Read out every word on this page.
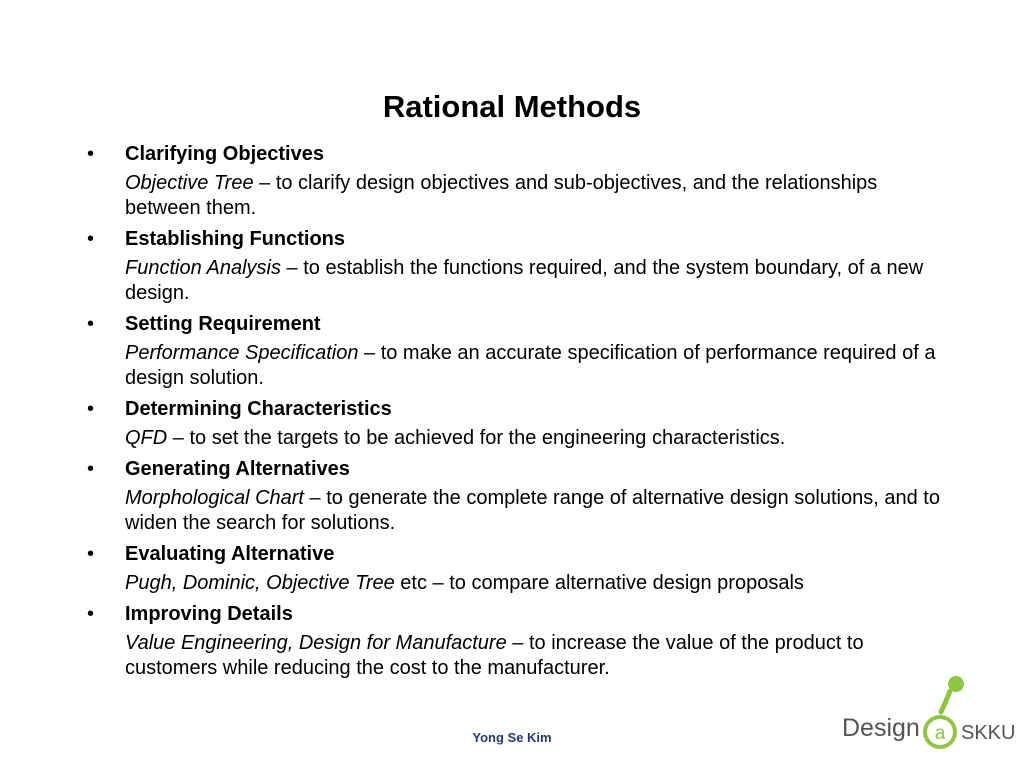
Rational Methods
• Clarifying Objectives
Objective Tree – to clarify design objectives and sub-objectives, and the relationships between them.
• Establishing Functions
Function Analysis – to establish the functions required, and the system boundary, of a new design.
• Setting Requirement
Performance Specification – to make an accurate specification of performance required of a design solution.
• Determining Characteristics
QFD – to set the targets to be achieved for the engineering characteristics.
• Generating Alternatives
Morphological Chart – to generate the complete range of alternative design solutions, and to widen the search for solutions.
• Evaluating Alternative
Pugh, Dominic, Objective Tree etc – to compare alternative design proposals
• Improving Details
Value Engineering, Design for Manufacture – to increase the value of the product to customers while reducing the cost to the manufacturer.
Yong Se Kim	a
Design SKKU
